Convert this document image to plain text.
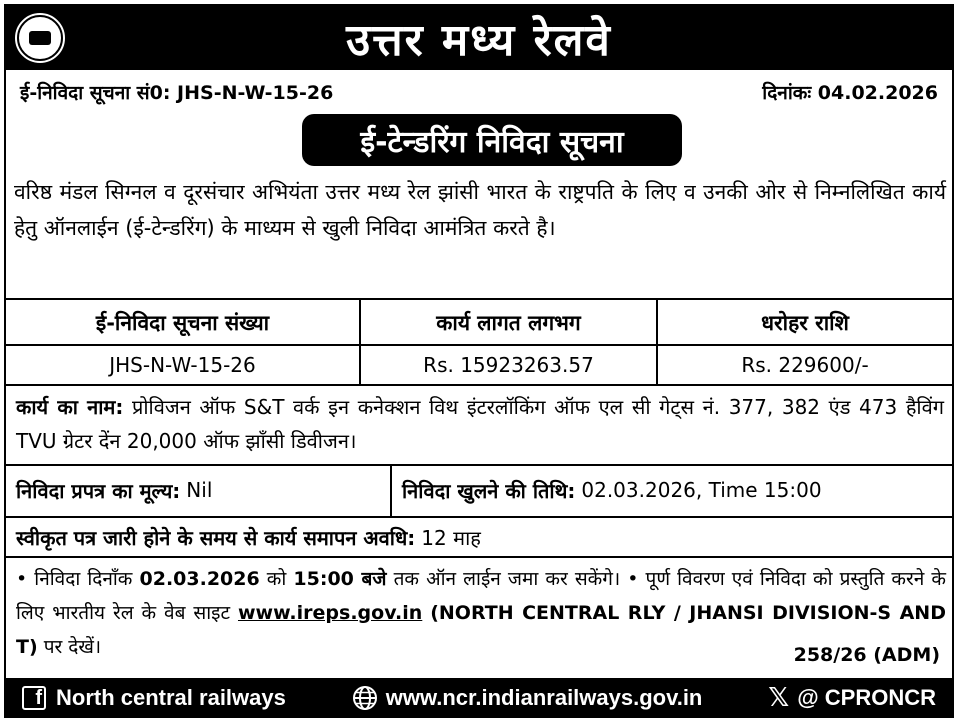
उत्तर मध्य रेलवे
ई-निविदा सूचना सं0: JHS-N-W-15-26	दिनांकः 04.02.2026
ई-टेन्डरिंग निविदा सूचना
वरिष्ठ मंडल सिग्नल व दूरसंचार अभियंता उत्तर मध्य रेल झांसी भारत के राष्ट्रपति के लिए व उनकी ओर से निम्नलिखित कार्य हेतु ऑनलाईन (ई-टेन्डरिंग) के माध्यम से खुली निविदा आमंत्रित करते है।
ई-निविदा सूचना संख्या	कार्य लागत लगभग	धरोहर राशि
JHS-N-W-15-26	Rs. 15923263.57	Rs. 229600/-
कार्य का नाम: प्रोविजन ऑफ S&T वर्क इन कनेक्शन विथ इंटरलॉकिंग ऑफ एल सी गेट्स नं. 377, 382 एंड 473 हैविंग TVU ग्रेटर देंन 20,000 ऑफ झाँसी डिवीजन।
निविदा प्रपत्र का मूल्य: Nil	निविदा खुलने की तिथि: 02.03.2026, Time 15:00
स्वीकृत पत्र जारी होने के समय से कार्य समापन अवधि: 12 माह
• निविदा दिनाँक 02.03.2026 को 15:00 बजे तक ऑन लाईन जमा कर सकेंगे। • पूर्ण विवरण एवं निविदा को प्रस्तुति करने के लिए भारतीय रेल के वेब साइट www.ireps.gov.in (NORTH CENTRAL RLY / JHANSI DIVISION-S AND T) पर देखें।	258/26 (ADM)
f North central railways	www.ncr.indianrailways.gov.in	𝕏 @ CPRONCR
